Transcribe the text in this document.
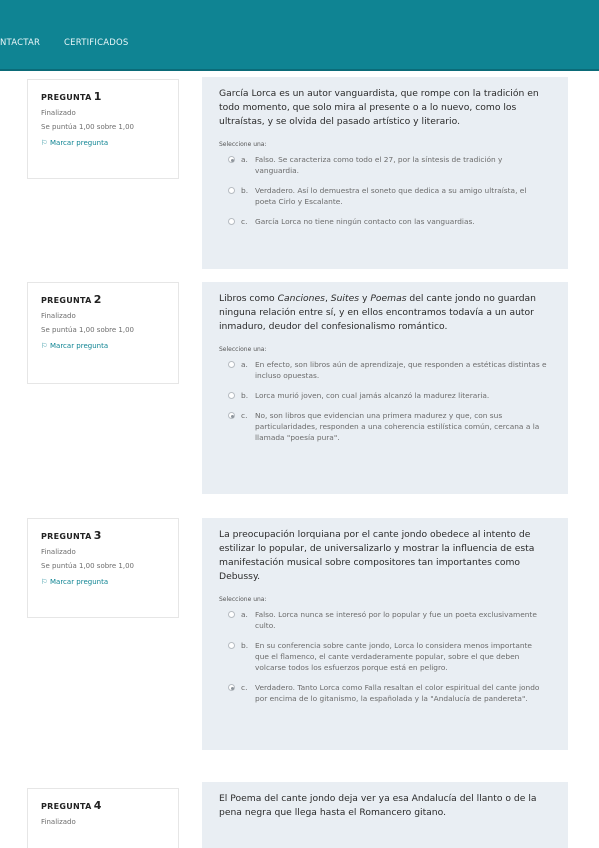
NTACTAR	CERTIFICADOS
PREGUNTA 1
Finalizado
Se puntúa 1,00 sobre 1,00
⚐ Marcar pregunta
García Lorca es un autor vanguardista, que rompe con la tradición en todo momento, que solo mira al presente o a lo nuevo, como los ultraístas, y se olvida del pasado artístico y literario.
Seleccione una:
a. Falso. Se caracteriza como todo el 27, por la síntesis de tradición y vanguardia.
b. Verdadero. Así lo demuestra el soneto que dedica a su amigo ultraísta, el poeta Cirlo y Escalante.
c.	García Lorca no tiene ningún contacto con las vanguardias.
PREGUNTA 2
Finalizado
Se puntúa 1,00 sobre 1,00
⚐ Marcar pregunta
Libros como Canciones, Suites y Poemas del cante jondo no guardan ninguna relación entre sí, y en ellos encontramos todavía a un autor inmaduro, deudor del confesionalismo romántico.
Seleccione una:
a. En efecto, son libros aún de aprendizaje, que responden a estéticas distintas e incluso opuestas.
b. Lorca murió joven, con cual jamás alcanzó la madurez literaria.
c.	No, son libros que evidencian una primera madurez y que, con sus particularidades, responden a una coherencia estilística común, cercana a la llamada "poesía pura".
PREGUNTA 3
Finalizado
Se puntúa 1,00 sobre 1,00
⚐ Marcar pregunta
La preocupación lorquiana por el cante jondo obedece al intento de estilizar lo popular, de universalizarlo y mostrar la influencia de esta manifestación musical sobre compositores tan importantes como Debussy.
Seleccione una:
a. Falso. Lorca nunca se interesó por lo popular y fue un poeta exclusivamente culto.
b. En su conferencia sobre cante jondo, Lorca lo considera menos importante que el flamenco, el cante verdaderamente popular, sobre el que deben volcarse todos los esfuerzos porque está en peligro.
c.	Verdadero. Tanto Lorca como Falla resaltan el color espiritual del cante jondo por encima de lo gitanismo, la españolada y la "Andalucía de pandereta".
PREGUNTA 4
Finalizado
El Poema del cante jondo deja ver ya esa Andalucía del llanto o de la pena negra que llega hasta el Romancero gitano.
